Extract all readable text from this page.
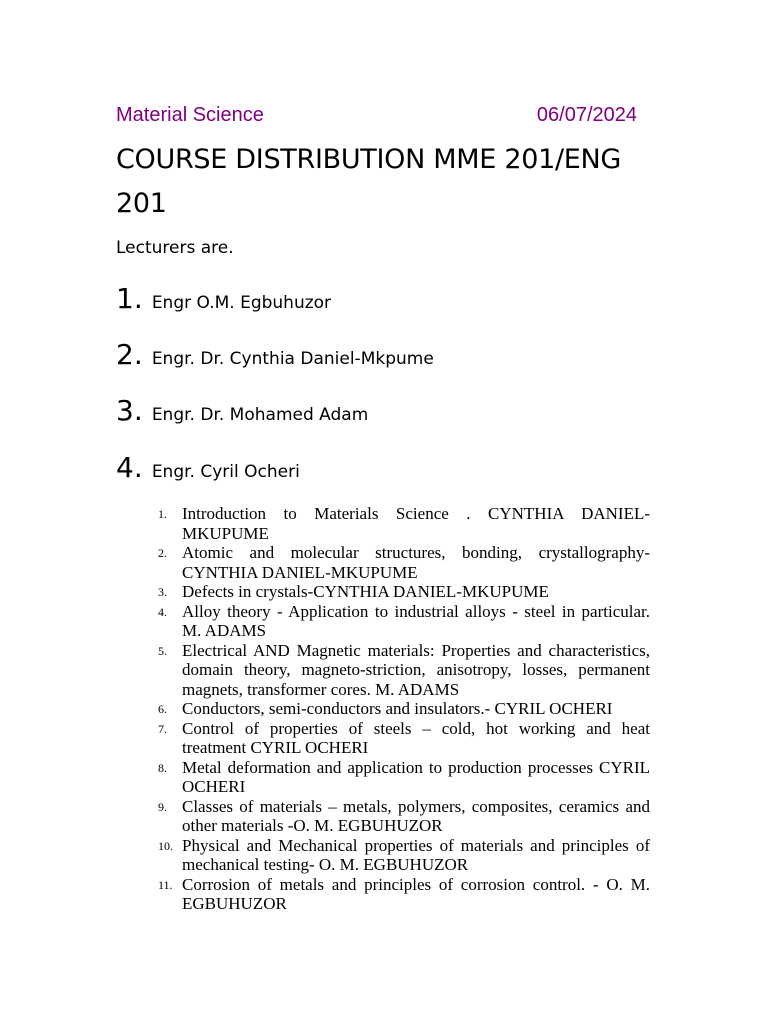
Material Science	06/07/2024
COURSE DISTRIBUTION MME 201/ENG 201

Lecturers are.

1. Engr O.M. Egbuhuzor
2. Engr. Dr. Cynthia Daniel-Mkpume
3. Engr. Dr. Mohamed Adam
4. Engr. Cyril Ocheri
1. Introduction to Materials Science . CYNTHIA DANIEL-MKUPUME
2. Atomic and molecular structures, bonding, crystallography-CYNTHIA DANIEL-MKUPUME
3. Defects in crystals-CYNTHIA DANIEL-MKUPUME
4. Alloy theory - Application to industrial alloys - steel in particular. M. ADAMS
5. Electrical AND Magnetic materials: Properties and characteristics, domain theory, magneto-striction, anisotropy, losses, permanent magnets, transformer cores. M. ADAMS
6. Conductors, semi-conductors and insulators.- CYRIL OCHERI
7. Control of properties of steels – cold, hot working and heat treatment CYRIL OCHERI
8. Metal deformation and application to production processes CYRIL OCHERI
9. Classes of materials – metals, polymers, composites, ceramics and other materials -O. M. EGBUHUZOR
10. Physical and Mechanical properties of materials and principles of mechanical testing- O. M. EGBUHUZOR
11. Corrosion of metals and principles of corrosion control. - O. M. EGBUHUZOR
